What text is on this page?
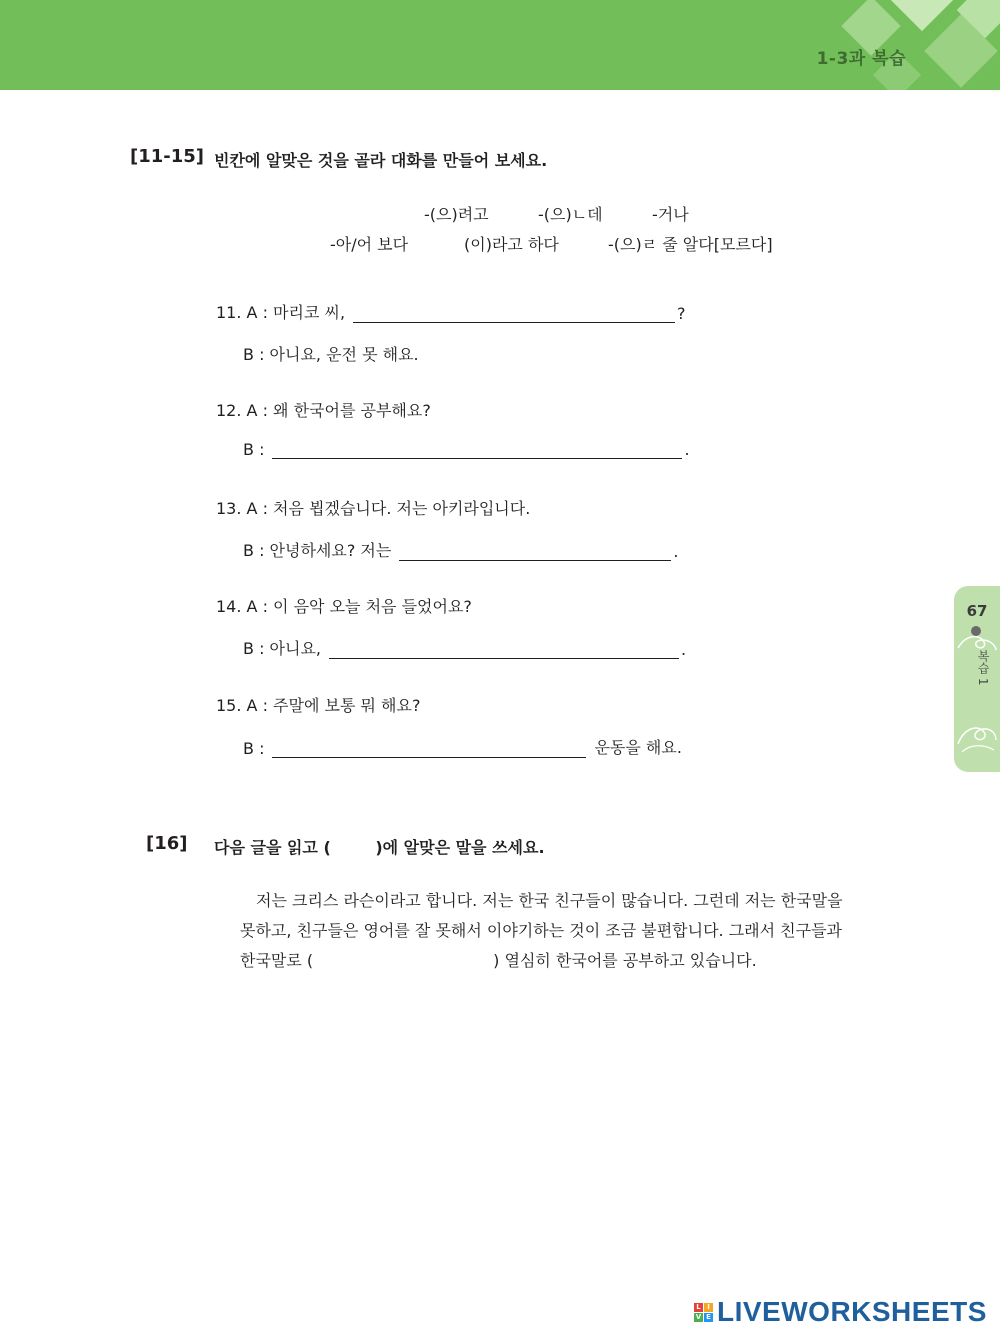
1-3과 복습
[11-15] 빈칸에 알맞은 것을 골라 대화를 만들어 보세요.
-(으)려고	-(으)ㄴ데	-거나
-아/어 보다	(이)라고 하다	-(으)ㄹ 줄 알다[모르다]
11. A : 마리코 씨,	?
B : 아니요, 운전 못 해요.
12. A : 왜 한국어를 공부해요?
B :	.
13. A : 처음 뵙겠습니다. 저는 아키라입니다.
B : 안녕하세요? 저는	.
14. A : 이 음악 오늘 처음 들었어요?
B : 아니요,	.
15. A : 주말에 보통 뭐 해요?
B :	운동을 해요.
[16] 다음 글을 읽고 (        )에 알맞은 말을 쓰세요.
저는 크리스 라슨이라고 합니다. 저는 한국 친구들이 많습니다. 그런데 저는 한국말을
못하고, 친구들은 영어를 잘 못해서 이야기하는 것이 조금 불편합니다. 그래서 친구들과
한국말로 (	) 열심히 한국어를 공부하고 있습니다.
67
복습 1
L I
V E LIVEWORKSHEETS
